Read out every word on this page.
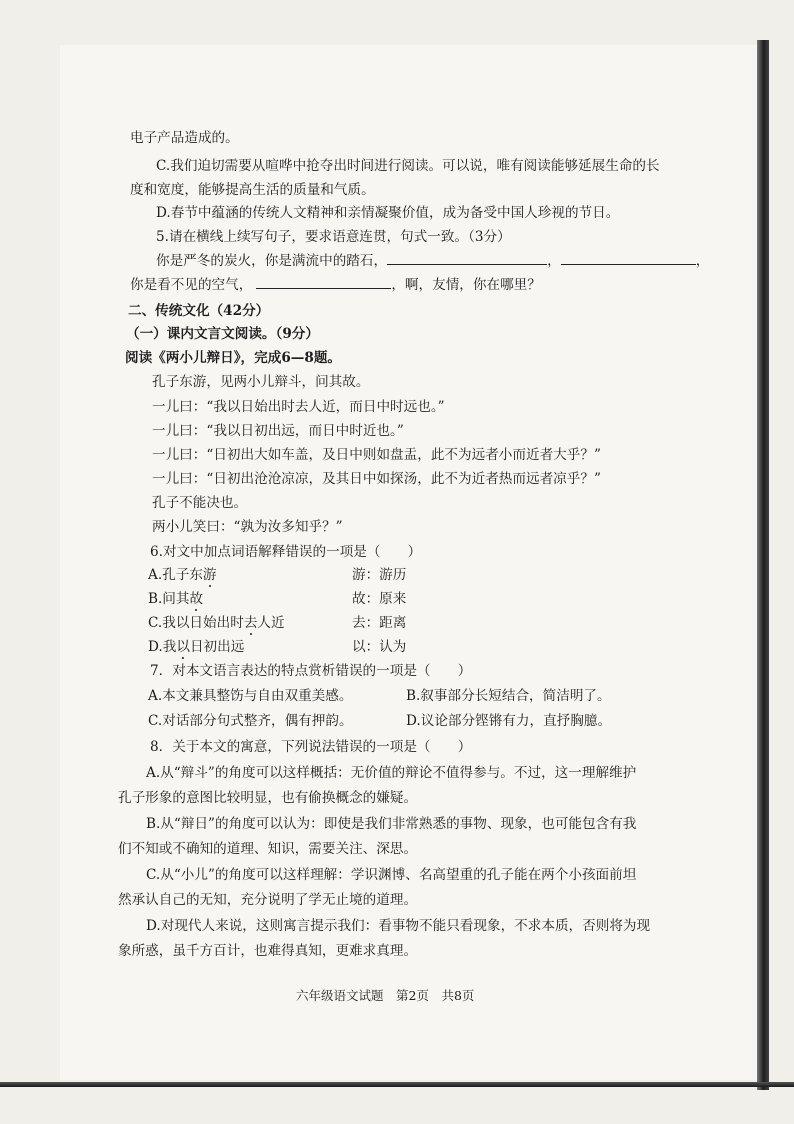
电子产品造成的。
C.我们迫切需要从喧哗中抢夺出时间进行阅读。可以说，唯有阅读能够延展生命的长
度和宽度，能够提高生活的质量和气质。
D.春节中蕴涵的传统人文精神和亲情凝聚价值，成为备受中国人珍视的节日。
5.请在横线上续写句子，要求语意连贯，句式一致。（3分）
你是严冬的炭火，你是满流中的踏石，	，	，
你是看不见的空气，	，啊，友情，你在哪里？
二、传统文化（42分）
（一）课内文言文阅读。（9分）
阅读《两小儿辩日》，完成6—8题。
孔子东游，见两小儿辩斗，问其故。
一儿曰：“我以日始出时去人近，而日中时远也。”
一儿曰：“我以日初出远，而日中时近也。”
一儿曰：“日初出大如车盖，及日中则如盘盂，此不为远者小而近者大乎？”
一儿曰：“日初出沧沧凉凉，及其日中如探汤，此不为近者热而远者凉乎？”
孔子不能决也。
两小儿笑曰：“孰为汝多知乎？”
6.对文中加点词语解释错误的一项是（　　）
A.孔子东游	游：游历
B.问其故	故：原来
C.我以日始出时去人近	去：距离
D.我以日初出远	以：认为
7．对本文语言表达的特点赏析错误的一项是（　　）
A.本文兼具整饬与自由双重美感。	B.叙事部分长短结合，简洁明了。
C.对话部分句式整齐，偶有押韵。	D.议论部分铿锵有力，直抒胸臆。
8．关于本文的寓意，下列说法错误的一项是（　　）
A.从“辩斗”的角度可以这样概括：无价值的辩论不值得参与。不过，这一理解维护
孔子形象的意图比较明显，也有偷换概念的嫌疑。
B.从“辩日”的角度可以认为：即使是我们非常熟悉的事物、现象，也可能包含有我
们不知或不确知的道理、知识，需要关注、深思。
C.从“小儿”的角度可以这样理解：学识渊博、名高望重的孔子能在两个小孩面前坦
然承认自己的无知，充分说明了学无止境的道理。
D.对现代人来说，这则寓言提示我们：看事物不能只看现象，不求本质，否则将为现
象所惑，虽千方百计，也难得真知，更难求真理。
六年级语文试题　第2页　共8页
